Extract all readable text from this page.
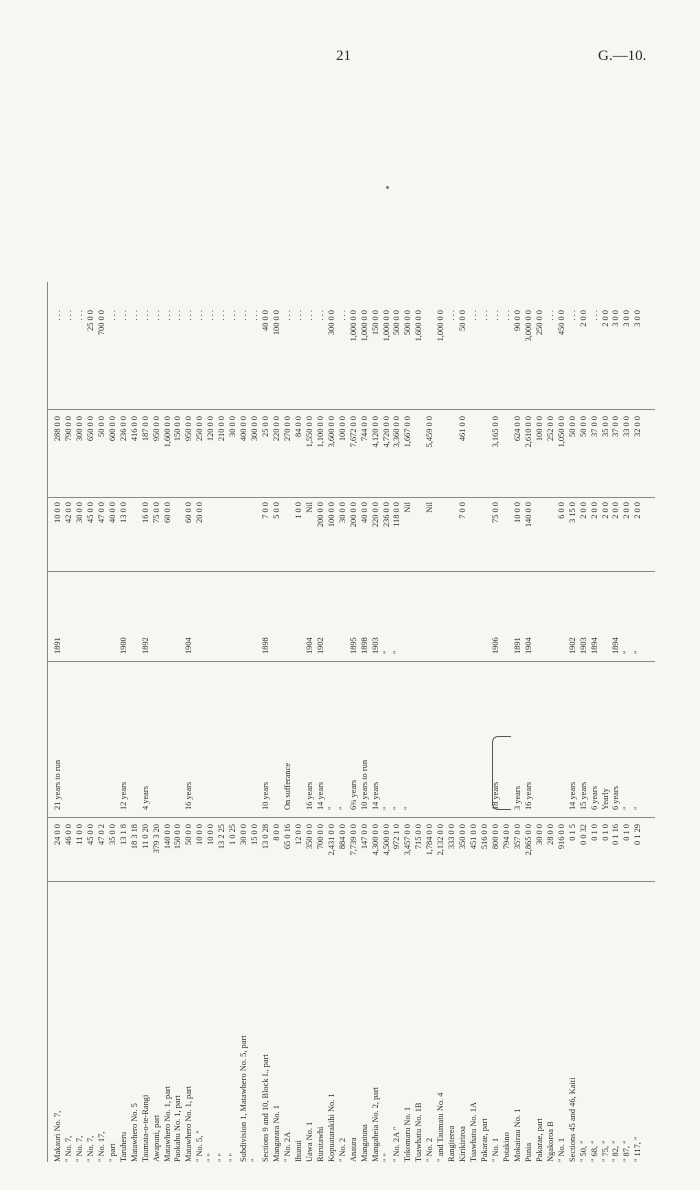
21	G.—10.
Makauri No. 7,
24 0 0
21 years to run
1891
10 0 0
288 0 0
. . .
" No. 7,
46 0 0
42 0 0
790 0 0
. . .
" No. 7,
11 0 0
30 0 0
300 0 0
. . .
" No. 7,
45 0 0
45 0 0
650 0 0
25 0 0
" No. 17,
47 0 2
47 0 0
50 0 0
700 0 0
" part
35 0 0
40 0 0
600 0 0
. . .
Taruheru
13 1 8
12 years
1900
13 0 0
236 0 0
. . .
Matawhero No. 5
18 3 18
416 0 0
. . .
Taumata-o-te-Rangi
11 0 20
4 years
1892
16 0 0
187 0 0
. . .
Awapuni, part
379 3 20
75 0 0
950 0 0
. . .
Matawhero No. 1, part
140 0 0
60 0 0
1,600 0 0
. . .
Paokahu No. 1, part
150 0 0
150 0 0
. . .
Matawhero No. 1, part
50 0 0
16 years
1904
60 0 0
950 0 0
. . .
" No. 5, "
10 0 0
20 0 0
250 0 0
. . .
" "
10 0 0
120 0 0
. . .
" "
13 2 25
210 0 0
. . .
" "
1 0 25
30 0 0
. . .
Subdivision 1, Matawhero No. 5, part
30 0 0
400 0 0
. . .
"
15 0 0
300 0 0
. . .
Sections 9 and 10, Block I., part
13 0 28
10 years
1898
7 0 0
25 0 0
40 0 0
Mangarara No. 1
8 0 0
5 0 0
220 0 0
100 0 0
" No. 2A
65 0 16
On sufferance
270 0 0
. . .
Ihunui
12 0 0
1 0 0
84 0 0
. . .
Uawa No. 1
350 0 0
16 years
1904
Nil
1,550 0 0
. . .
Rurutawhi
700 0 0
14 years
1902
200 0 0
1,100 0 0
. . .
Kopuatarakihi No. 1
2,431 0 0
"
100 0 0
3,600 0 0
300 0 0
" No. 2
884 0 0
"
30 0 0
100 0 0
. . .
Anaura
7,739 0 0
6¾ years
1895
200 0 0
7,672 0 0
1,000 0 0
Mangatuna
147 0 0
10 years to run
1898
40 0 0
744 0 0
1,000 0 0
Mangaheia No. 2, part
4,300 0 0
14 years
1903
220 0 0
4,120 0 0
150 0 0
" "
4,500 0 0
"
"
236 0 0
4,720 0 0
1,000 0 0
" No. 2A "
972 1 0
"
"
118 0 0
3,360 0 0
500 0 0
Tokomaru No. 1
3,457 0 0
"
Nil
1,667 0 0
500 0 0
Tuawhatu No. 1B
715 0 0
1,600 0 0
" No. 2
1,784 0 0
Nil
5,459 0 0
" and Taumatu No. 4
2,132 0 0
1,000 0 0
Rangiterea
333 0 0
. . .
Kirikiriroa
350 0 0
7 0 0
461 0 0
50 0 0
Tuawhatu No. 1A
451 0 0
. . .
Pakarae, part
516 0 0
. . .
" No. 1
800 0 0
18 years
1906
75 0 0
3,165 0 0
. . .
Potakino
794 0 0
. . .
Mokairau No. 1
357 0 0
3 years
1891
10 0 0
624 0 0
90 0 0
Punia
2,865 0 0
16 years
1904
140 0 0
2,610 0 0
3,000 0 0
Pakarae, part
30 0 0
100 0 0
250 0 0
Ngakoroa B
28 0 0
252 0 0
. . .
" No. 1
916 0 0
6 0 0
1,050 0 0
450 0 0
Sections 45 and 46, Kaiti
0 1 5
14 years
1902
3 15 0
50 0 0
. . .
" 50, "
0 0 32
15 years
1903
2 0 0
50 0 0
2 0 0
" 68, "
0 1 0
6 years
1894
2 0 0
37 0 0
. . .
" 75, "
0 1 0
Yearly
2 0 0
35 0 0
2 0 0
" 82, "
0 1 16
6 years
1894
2 0 0
37 0 0
3 0 0
" 87, "
0 1 0
"
"
2 0 0
33 0 0
3 0 0
" 117, "
0 1 29
"
"
2 0 0
32 0 0
3 0 0
